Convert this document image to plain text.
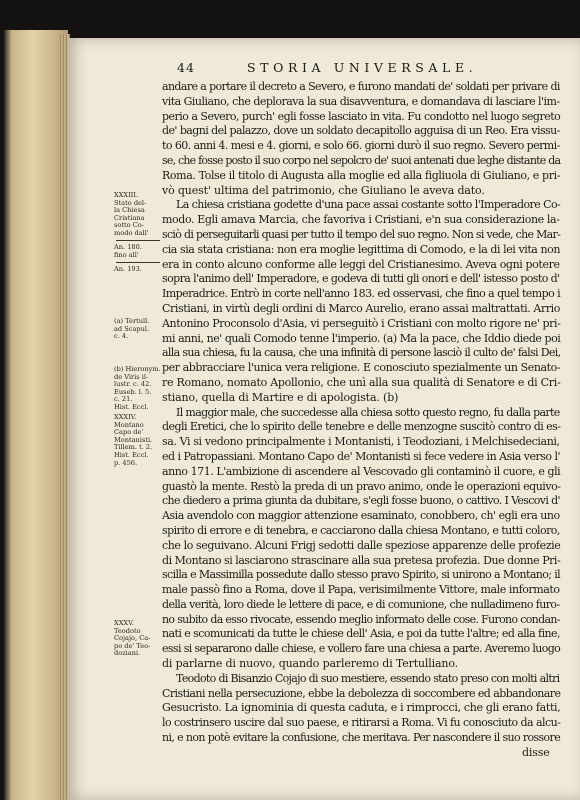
44	STORIA UNIVERSALE.
andare a portare il decreto a Severo, e furono mandati de' soldati per privare di
vita Giuliano, che deplorava la sua disavventura, e domandava di lasciare l'im-
perio a Severo, purch' egli fosse lasciato in vita. Fu condotto nel luogo segreto
de' bagni del palazzo, dove un soldato decapitollo agguisa di un Reo. Era vissu-
to 60. anni 4. mesi e 4. giorni, e solo 66. giorni durò il suo regno. Severo permi-
se, che fosse posto il suo corpo nel sepolcro de' suoi antenati due leghe distante da
Roma. Tolse il titolo di Augusta alla moglie ed alla figliuola di Giuliano, e pri-
vò quest' ultima del patrimonio, che Giuliano le aveva dato.
La chiesa cristiana godette d'una pace assai costante sotto l'Imperadore Co-
modo. Egli amava Marcia, che favoriva i Cristiani, e'n sua considerazione la-
sciò di perseguitarli quasi per tutto il tempo del suo regno. Non si vede, che Mar-
cia sia stata cristiana: non era moglie legittima di Comodo, e la di lei vita non
era in conto alcuno conforme alle leggi del Cristianesimo. Aveva ogni potere
sopra l'animo dell' Imperadore, e godeva di tutti gli onori e dell' istesso posto d'
Imperadrice. Entrò in corte nell'anno 183. ed osservasi, che fino a quel tempo i
Cristiani, in virtù degli ordini di Marco Aurelio, erano assai maltrattati. Arrio
Antonino Proconsolo d'Asia, vi perseguitò i Cristiani con molto rigore ne' pri-
mi anni, ne' quali Comodo tenne l'imperio. (a) Ma la pace, che Iddio diede poi
alla sua chiesa, fu la causa, che una infinità di persone lasciò il culto de' falsi Dei,
per abbracciare l'unica vera religione. E conosciuto spezialmente un Senato-
re Romano, nomato Apollonio, che unì alla sua qualità di Senatore e di Cri-
stiano, quella di Martire e di apologista. (b)
Il maggior male, che succedesse alla chiesa sotto questo regno, fu dalla parte
degli Eretici, che lo spirito delle tenebre e delle menzogne suscitò contro di es-
sa. Vi si vedono principalmente i Montanisti, i Teodoziani, i Melchisedeciani,
ed i Patropassiani. Montano Capo de' Montanisti si fece vedere in Asia verso l'
anno 171. L'ambizione di ascendere al Vescovado gli contaminò il cuore, e gli
guastò la mente. Restò la preda di un pravo animo, onde le operazioni equivo-
che diedero a prima giunta da dubitare, s'egli fosse buono, o cattivo. I Vescovi d'
Asia avendolo con maggior attenzione esaminato, conobbero, ch' egli era uno
spirito di errore e di tenebra, e cacciarono dalla chiesa Montano, e tutti coloro,
che lo seguivano. Alcuni Frigj sedotti dalle speziose apparenze delle profezie
di Montano si lasciarono strascinare alla sua pretesa profezia. Due donne Pri-
scilla e Massimilla possedute dallo stesso pravo Spirito, si unirono a Montano; il
male passò fino a Roma, dove il Papa, verisimilmente Vittore, male informato
della verità, loro diede le lettere di pace, e di comunione, che nulladimeno furo-
no subito da esso rivocate, essendo meglio informato delle cose. Furono condan-
nati e scomunicati da tutte le chiese dell' Asia, e poi da tutte l'altre; ed alla fine,
essi si separarono dalle chiese, e vollero fare una chiesa a parte. Averemo luogo
di parlarne di nuovo, quando parleremo di Tertulliano.
Teodoto di Bisanzio Cojajo di suo mestiere, essendo stato preso con molti altri
Cristiani nella persecuzione, ebbe la debolezza di soccombere ed abbandonare
Gesucristo. La ignominia di questa caduta, e i rimprocci, che gli erano fatti,
lo costrinsero uscire dal suo paese, e ritirarsi a Roma. Vi fu conosciuto da alcu-
ni, e non potè evitare la confusione, che meritava. Per nascondere il suo rossore
disse
XXXIII.
Stato del-
la Chiesa
Cristiana
sotto Co-
modo dall'
An. 180.
fino all'
An. 193.
(a) Tertull.
ad Scapul.
c. 4.
(b) Hieronym.
de Viris il-
lustr. c. 42.
Euseb. l. 5.
c. 21.
Hist. Eccl.
XXXIV.
Montano
Capo de'
Montanisti.
Tillem. t. 2.
Hist. Eccl.
p. 456.
XXXV.
Teodoto
Cojajo, Ca-
po de' Teo-
doziani.
